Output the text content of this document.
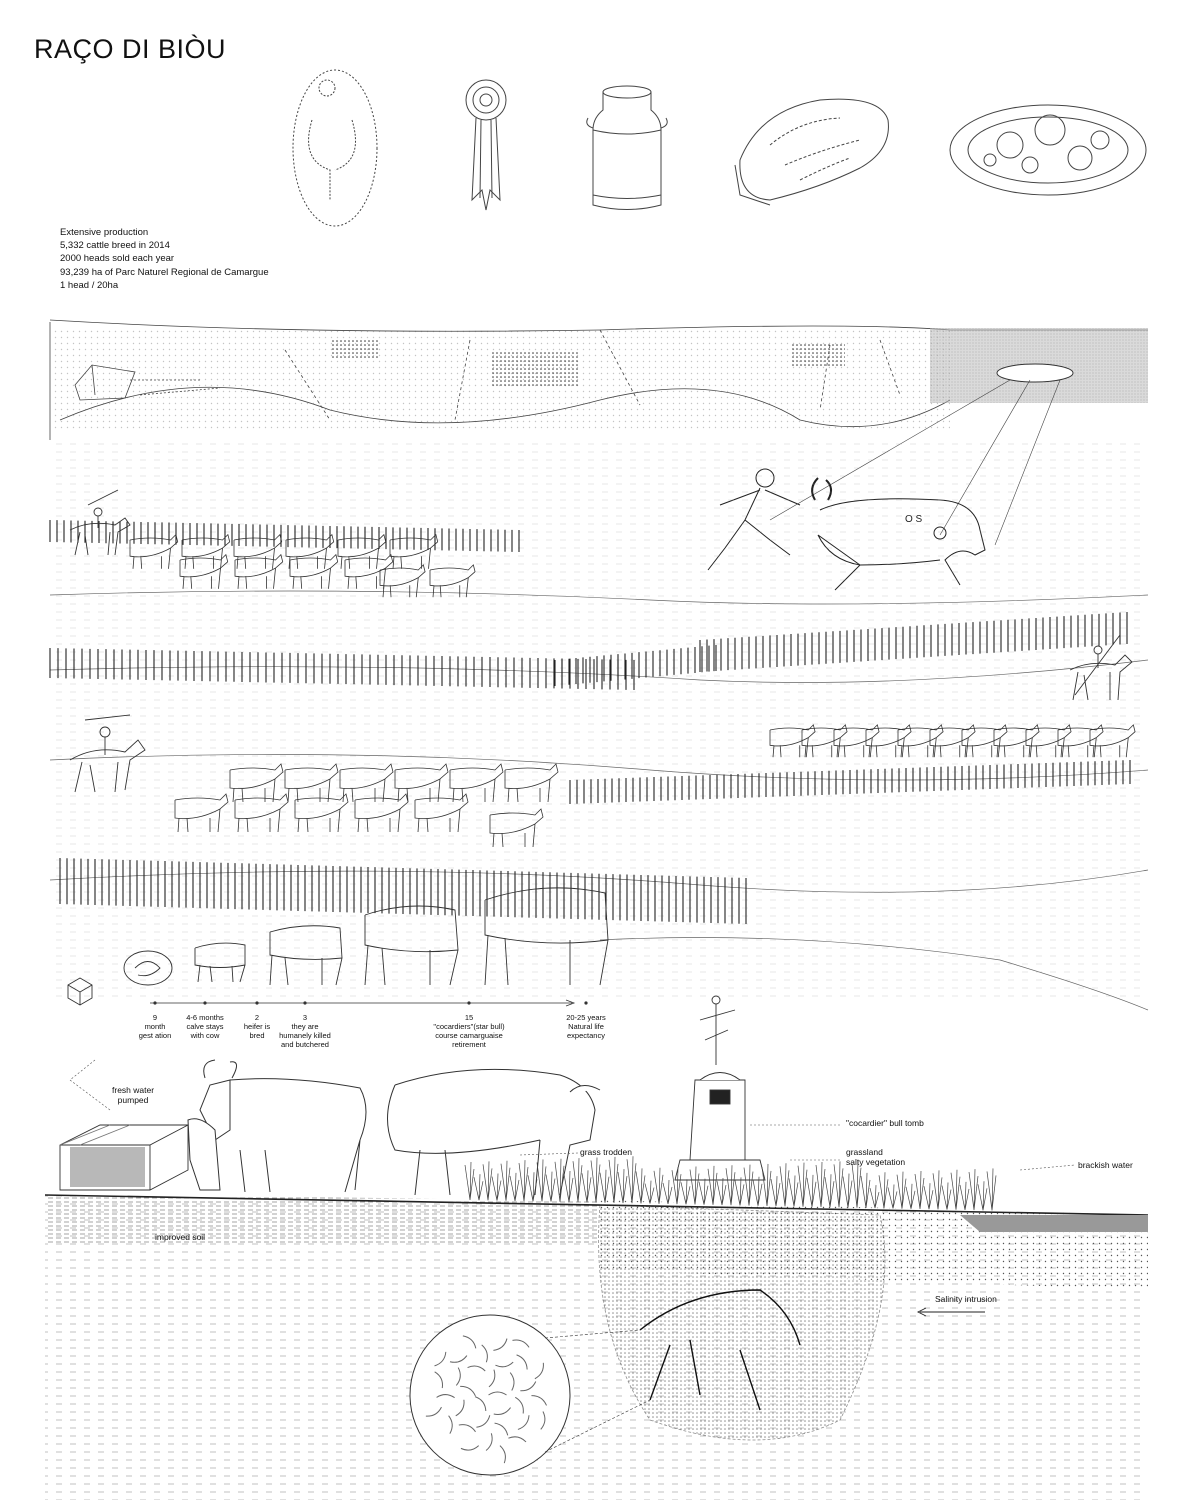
RAÇO DI BIÒU
Extensive production
5,332 cattle breed in 2014
2000 heads sold each year
93,239 ha of Parc Naturel Regional de Camargue
1 head / 20ha
O S
9
month
gest ation
4-6 months
calve stays
with cow
2
heifer is
bred
3
they are
humanely killed
and butchered
15
"cocardiers"(star bull)
course camarguaise
retirement
20-25 years
Natural life
expectancy
fresh water
pumped
improved soil
grass trodden
"cocardier" bull tomb
grassland
salty vegetation	brackish water
Salinity intrusion
